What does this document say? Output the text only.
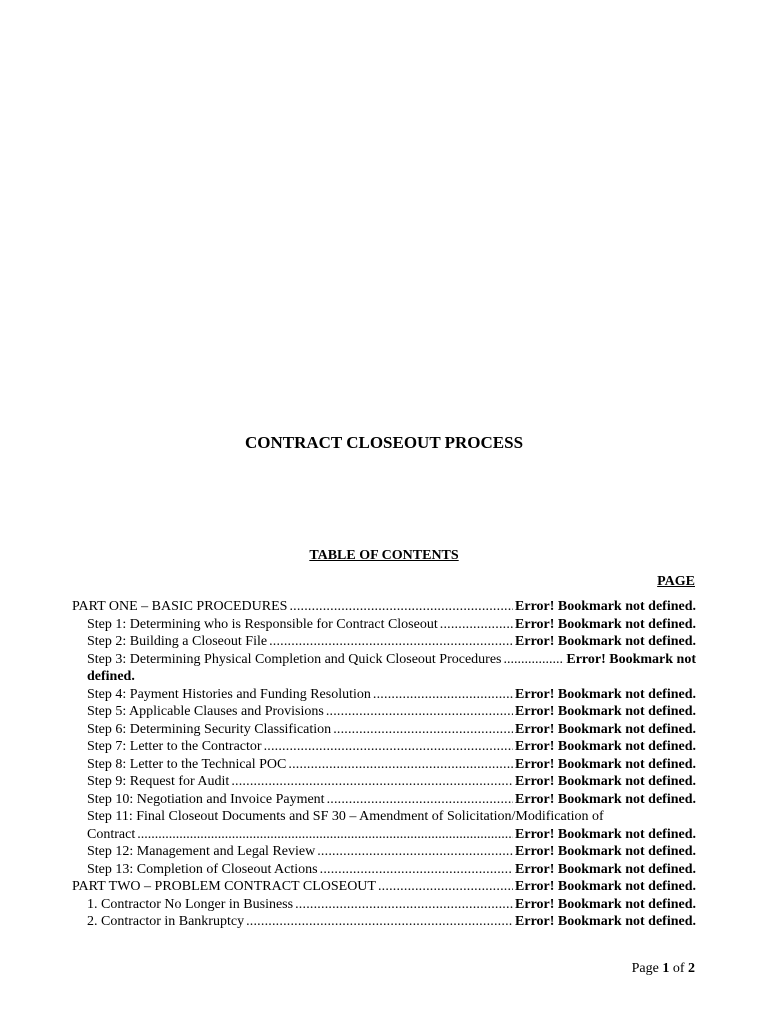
CONTRACT CLOSEOUT PROCESS
TABLE OF CONTENTS
PAGE
PART ONE – BASIC PROCEDURES .....	Error! Bookmark not defined.
Step 1: Determining who is Responsible for Contract Closeout .....	Error! Bookmark not defined.
Step 2: Building a Closeout File .....	Error! Bookmark not defined.
Step 3: Determining Physical Completion and Quick Closeout Procedures .....	Error! Bookmark not
defined.
Step 4: Payment Histories and Funding Resolution .....	Error! Bookmark not defined.
Step 5: Applicable Clauses and Provisions .....	Error! Bookmark not defined.
Step 6: Determining Security Classification .....	Error! Bookmark not defined.
Step 7: Letter to the Contractor .....	Error! Bookmark not defined.
Step 8: Letter to the Technical POC .....	Error! Bookmark not defined.
Step 9: Request for Audit .....	Error! Bookmark not defined.
Step 10: Negotiation and Invoice Payment .....	Error! Bookmark not defined.
Step 11: Final Closeout Documents and SF 30 – Amendment of Solicitation/Modification of
Contract .....	Error! Bookmark not defined.
Step 12: Management and Legal Review .....	Error! Bookmark not defined.
Step 13: Completion of Closeout Actions .....	Error! Bookmark not defined.
PART TWO – PROBLEM CONTRACT CLOSEOUT .....	Error! Bookmark not defined.
1. Contractor No Longer in Business .....	Error! Bookmark not defined.
2. Contractor in Bankruptcy .....	Error! Bookmark not defined.
Page 1 of 2
